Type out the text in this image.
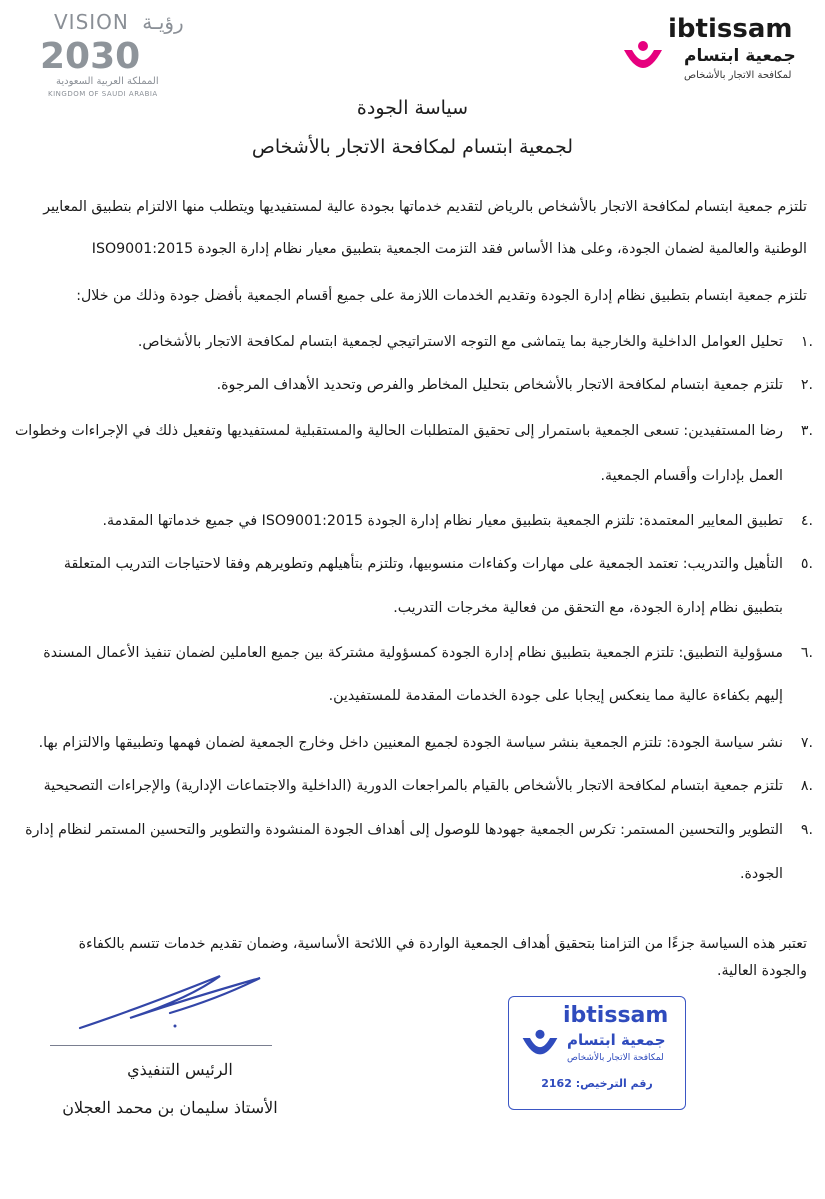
VISION رؤيـة
2030
المملكة العربية السعودية
KINGDOM OF SAUDI ARABIA
ibtissam
جمعية ابتسام
لمكافحة الاتجار بالأشخاص
سياسة الجودة
لجمعية ابتسام لمكافحة الاتجار بالأشخاص
تلتزم جمعية ابتسام لمكافحة الاتجار بالأشخاص بالرياض لتقديم خدماتها بجودة عالية لمستفيديها ويتطلب منها الالتزام بتطبيق المعايير
الوطنية والعالمية لضمان الجودة، وعلى هذا الأساس فقد التزمت الجمعية بتطبيق معيار نظام إدارة الجودة ISO9001:2015
تلتزم جمعية ابتسام بتطبيق نظام إدارة الجودة وتقديم الخدمات اللازمة على جميع أقسام الجمعية بأفضل جودة وذلك من خلال:
.١
تحليل العوامل الداخلية والخارجية بما يتماشى مع التوجه الاستراتيجي لجمعية ابتسام لمكافحة الاتجار بالأشخاص.
.٢
تلتزم جمعية ابتسام لمكافحة الاتجار بالأشخاص بتحليل المخاطر والفرص وتحديد الأهداف المرجوة.
.٣
رضا المستفيدين: تسعى الجمعية باستمرار إلى تحقيق المتطلبات الحالية والمستقبلية لمستفيديها وتفعيل ذلك في الإجراءات وخطوات
العمل بإدارات وأقسام الجمعية.
.٤
تطبيق المعايير المعتمدة: تلتزم الجمعية بتطبيق معيار نظام إدارة الجودة ISO9001:2015 في جميع خدماتها المقدمة.
.٥
التأهيل والتدريب: تعتمد الجمعية على مهارات وكفاءات منسوبيها، وتلتزم بتأهيلهم وتطويرهم وفقا لاحتياجات التدريب المتعلقة
بتطبيق نظام إدارة الجودة، مع التحقق من فعالية مخرجات التدريب.
.٦
مسؤولية التطبيق: تلتزم الجمعية بتطبيق نظام إدارة الجودة كمسؤولية مشتركة بين جميع العاملين لضمان تنفيذ الأعمال المسندة
إليهم بكفاءة عالية مما ينعكس إيجابا على جودة الخدمات المقدمة للمستفيدين.
.٧
نشر سياسة الجودة: تلتزم الجمعية بنشر سياسة الجودة لجميع المعنيين داخل وخارج الجمعية لضمان فهمها وتطبيقها والالتزام بها.
.٨
تلتزم جمعية ابتسام لمكافحة الاتجار بالأشخاص بالقيام بالمراجعات الدورية (الداخلية والاجتماعات الإدارية) والإجراءات التصحيحية
.٩
التطوير والتحسين المستمر: تكرس الجمعية جهودها للوصول إلى أهداف الجودة المنشودة والتطوير والتحسين المستمر لنظام إدارة
الجودة.
تعتبر هذه السياسة جزءًا من التزامنا بتحقيق أهداف الجمعية الواردة في اللائحة الأساسية، وضمان تقديم خدمات تتسم بالكفاءة
والجودة العالية.
الرئيس التنفيذي
الأستاذ سليمان بن محمد العجلان
ibtissam
جمعية ابتسام
لمكافحة الاتجار بالأشخاص
رقم الترخيص: 2162
